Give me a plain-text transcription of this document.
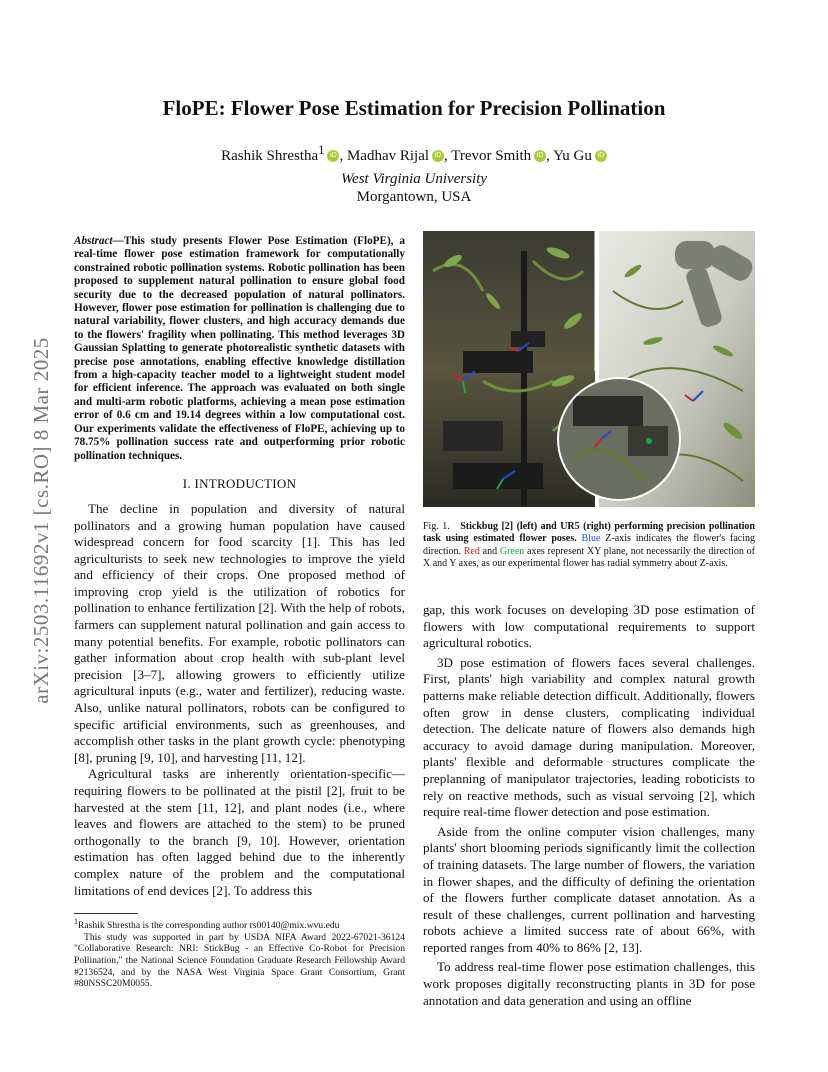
arXiv:2503.11692v1 [cs.RO] 8 Mar 2025
FloPE: Flower Pose Estimation for Precision Pollination
Rashik Shrestha$^1$ iD , Madhav Rijal iD , Trevor Smith iD , Yu Gu iD
West Virginia University
Morgantown, USA
Abstract—This study presents Flower Pose Estimation (FloPE), a real-time flower pose estimation framework for computationally constrained robotic pollination systems. Robotic pollination has been proposed to supplement natural pollination to ensure global food security due to the decreased population of natural pollinators. However, flower pose estimation for pollination is challenging due to natural variability, flower clusters, and high accuracy demands due to the flowers' fragility when pollinating. This method leverages 3D Gaussian Splatting to generate photorealistic synthetic datasets with precise pose annotations, enabling effective knowledge distillation from a high-capacity teacher model to a lightweight student model for efficient inference. The approach was evaluated on both single and multi-arm robotic platforms, achieving a mean pose estimation error of 0.6 cm and 19.14 degrees within a low computational cost. Our experiments validate the effectiveness of FloPE, achieving up to 78.75% pollination success rate and outperforming prior robotic pollination techniques.
I. INTRODUCTION

The decline in population and diversity of natural pollinators and a growing human population have caused widespread concern for food scarcity [1]. This has led agriculturists to seek new technologies to improve the yield and efficiency of their crops. One proposed method of improving crop yield is the utilization of robotics for pollination to enhance fertilization [2]. With the help of robots, farmers can supplement natural pollination and gain access to many potential benefits. For example, robotic pollinators can gather information about crop health with sub-plant level precision [3–7], allowing growers to efficiently utilize agricultural inputs (e.g., water and fertilizer), reducing waste. Also, unlike natural pollinators, robots can be configured to specific artificial environments, such as greenhouses, and accomplish other tasks in the plant growth cycle: phenotyping [8], pruning [9, 10], and harvesting [11, 12].

Agricultural tasks are inherently orientation-specific—requiring flowers to be pollinated at the pistil [2], fruit to be harvested at the stem [11, 12], and plant nodes (i.e., where leaves and flowers are attached to the stem) to be pruned orthogonally to the branch [9, 10]. However, orientation estimation has often lagged behind due to the inherently complex nature of the problem and the computational limitations of end devices [2]. To address this

$^1$Rashik Shrestha is the corresponding author rs00140@mix.wvu.edu
This study was supported in part by USDA NIFA Award 2022-67021-36124 "Collaborative Research: NRI: StickBug - an Effective Co-Robot for Precision Pollination," the National Science Foundation Graduate Research Fellowship Award #2136524, and by the NASA West Virginia Space Grant Consortium, Grant #80NSSC20M0055.
Fig. 1. Stickbug [2] (left) and UR5 (right) performing precision pollination task using estimated flower poses. Blue Z-axis indicates the flower's facing direction. Red and Green axes represent XY plane, not necessarily the direction of X and Y axes, as our experimental flower has radial symmetry about Z-axis.

gap, this work focuses on developing 3D pose estimation of flowers with low computational requirements to support agricultural robotics.

3D pose estimation of flowers faces several challenges. First, plants' high variability and complex natural growth patterns make reliable detection difficult. Additionally, flowers often grow in dense clusters, complicating individual detection. The delicate nature of flowers also demands high accuracy to avoid damage during manipulation. Moreover, plants' flexible and deformable structures complicate the preplanning of manipulator trajectories, leading roboticists to rely on reactive methods, such as visual servoing [2], which require real-time flower detection and pose estimation.

Aside from the online computer vision challenges, many plants' short blooming periods significantly limit the collection of training datasets. The large number of flowers, the variation in flower shapes, and the difficulty of defining the orientation of the flowers further complicate dataset annotation. As a result of these challenges, current pollination and harvesting robots achieve a limited success rate of about 66%, with reported ranges from 40% to 86% [2, 13].

To address real-time flower pose estimation challenges, this work proposes digitally reconstructing plants in 3D for pose annotation and data generation and using an offline
